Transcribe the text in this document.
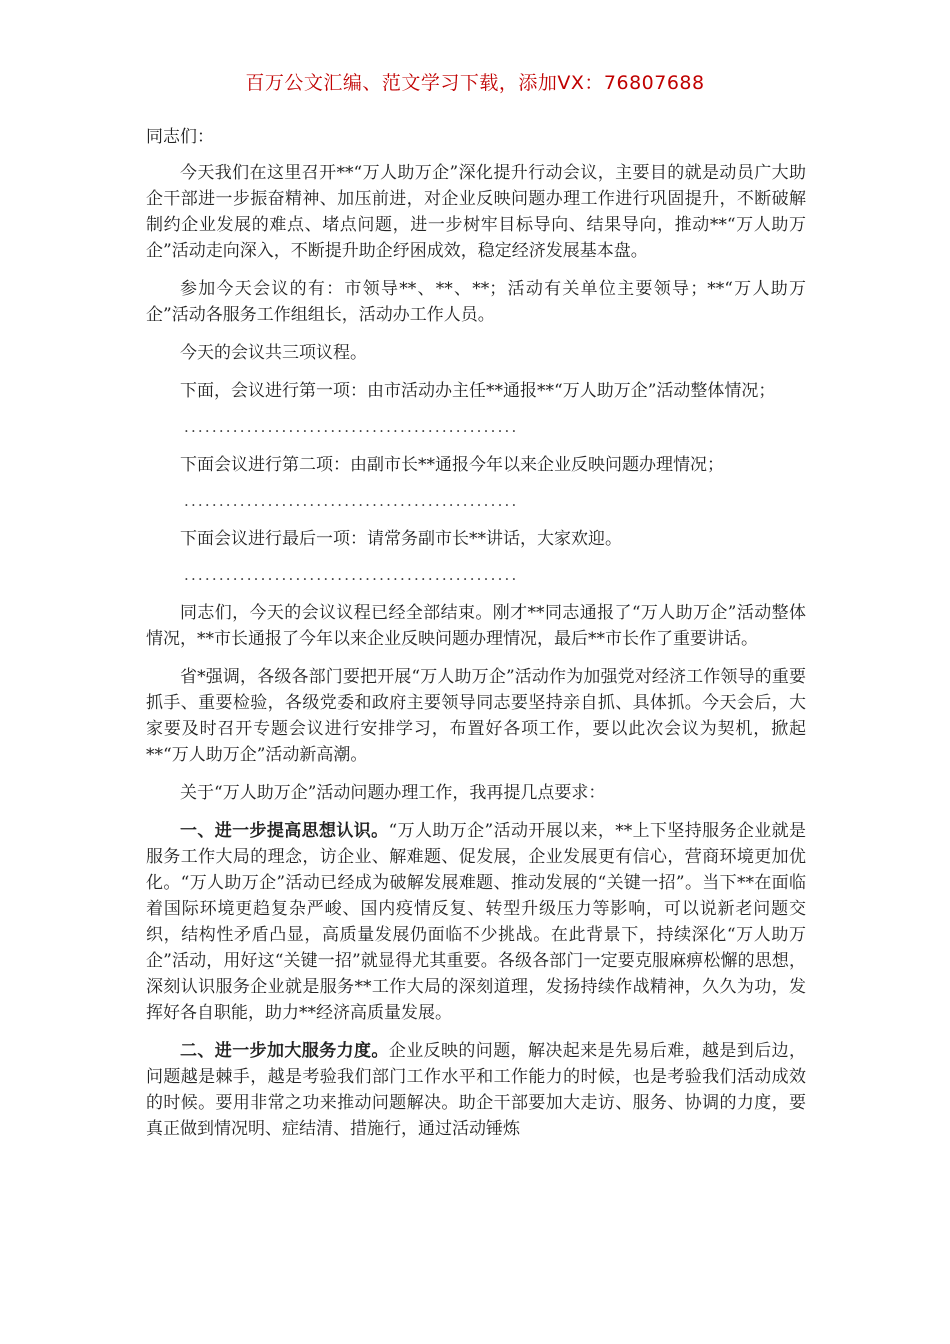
百万公文汇编、范文学习下载，添加VX：76807688

同志们：

今天我们在这里召开**“万人助万企”深化提升行动会议，主要目的就是动员广大助企干部进一步振奋精神、加压前进，对企业反映问题办理工作进行巩固提升，不断破解制约企业发展的难点、堵点问题，进一步树牢目标导向、结果导向，推动**“万人助万企”活动走向深入，不断提升助企纾困成效，稳定经济发展基本盘。

参加今天会议的有：市领导**、**、**；活动有关单位主要领导；**“万人助万企”活动各服务工作组组长，活动办工作人员。

今天的会议共三项议程。

下面，会议进行第一项：由市活动办主任**通报**“万人助万企”活动整体情况；

................................................

下面会议进行第二项：由副市长**通报今年以来企业反映问题办理情况；

................................................

下面会议进行最后一项：请常务副市长**讲话，大家欢迎。

................................................

同志们，今天的会议议程已经全部结束。刚才**同志通报了“万人助万企”活动整体情况，**市长通报了今年以来企业反映问题办理情况，最后**市长作了重要讲话。

省*强调，各级各部门要把开展“万人助万企”活动作为加强党对经济工作领导的重要抓手、重要检验，各级党委和政府主要领导同志要坚持亲自抓、具体抓。今天会后，大家要及时召开专题会议进行安排学习，布置好各项工作，要以此次会议为契机，掀起**“万人助万企”活动新高潮。

关于“万人助万企”活动问题办理工作，我再提几点要求：

一、进一步提高思想认识。“万人助万企”活动开展以来，**上下坚持服务企业就是服务工作大局的理念，访企业、解难题、促发展，企业发展更有信心，营商环境更加优化。“万人助万企”活动已经成为破解发展难题、推动发展的“关键一招”。当下**在面临着国际环境更趋复杂严峻、国内疫情反复、转型升级压力等影响，可以说新老问题交织，结构性矛盾凸显，高质量发展仍面临不少挑战。在此背景下，持续深化“万人助万企”活动，用好这“关键一招”就显得尤其重要。各级各部门一定要克服麻痹松懈的思想，深刻认识服务企业就是服务**工作大局的深刻道理，发扬持续作战精神，久久为功，发挥好各自职能，助力**经济高质量发展。

二、进一步加大服务力度。企业反映的问题，解决起来是先易后难，越是到后边，问题越是棘手，越是考验我们部门工作水平和工作能力的时候，也是考验我们活动成效的时候。要用非常之功来推动问题解决。助企干部要加大走访、服务、协调的力度，要真正做到情况明、症结清、措施行，通过活动锤炼
